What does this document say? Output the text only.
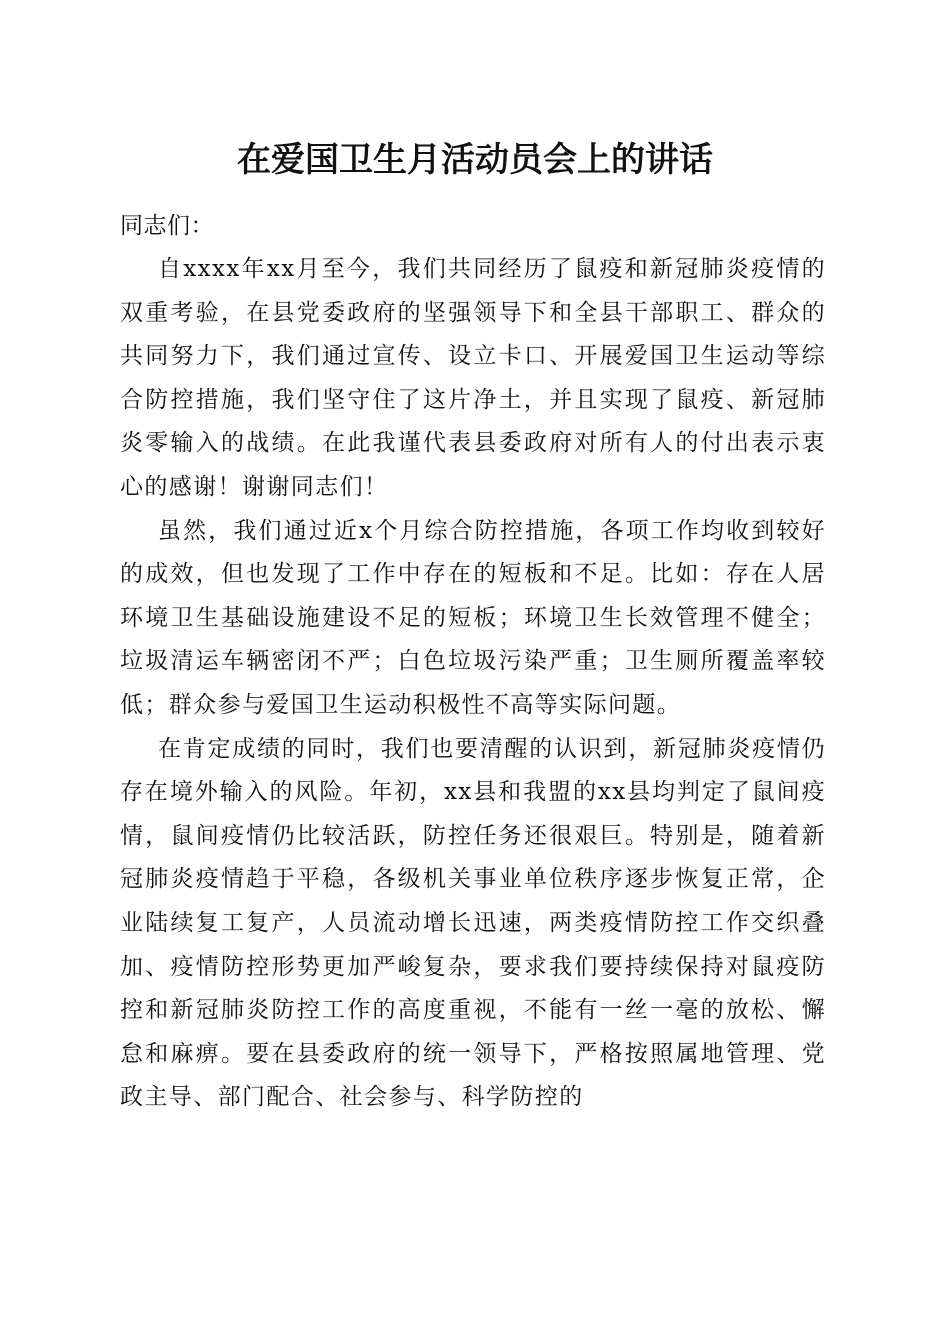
在爱国卫生月活动员会上的讲话

同志们：

自xxxx年xx月至今，我们共同经历了鼠疫和新冠肺炎疫情的双重考验，在县党委政府的坚强领导下和全县干部职工、群众的共同努力下，我们通过宣传、设立卡口、开展爱国卫生运动等综合防控措施，我们坚守住了这片净土，并且实现了鼠疫、新冠肺炎零输入的战绩。在此我谨代表县委政府对所有人的付出表示衷心的感谢！谢谢同志们！

虽然，我们通过近x个月综合防控措施，各项工作均收到较好的成效，但也发现了工作中存在的短板和不足。比如：存在人居环境卫生基础设施建设不足的短板；环境卫生长效管理不健全；垃圾清运车辆密闭不严；白色垃圾污染严重；卫生厕所覆盖率较低；群众参与爱国卫生运动积极性不高等实际问题。

在肯定成绩的同时，我们也要清醒的认识到，新冠肺炎疫情仍存在境外输入的风险。年初，xx县和我盟的xx县均判定了鼠间疫情，鼠间疫情仍比较活跃，防控任务还很艰巨。特别是，随着新冠肺炎疫情趋于平稳，各级机关事业单位秩序逐步恢复正常，企业陆续复工复产，人员流动增长迅速，两类疫情防控工作交织叠加、疫情防控形势更加严峻复杂，要求我们要持续保持对鼠疫防控和新冠肺炎防控工作的高度重视，不能有一丝一毫的放松、懈怠和麻痹。要在县委政府的统一领导下，严格按照属地管理、党政主导、部门配合、社会参与、科学防控的
